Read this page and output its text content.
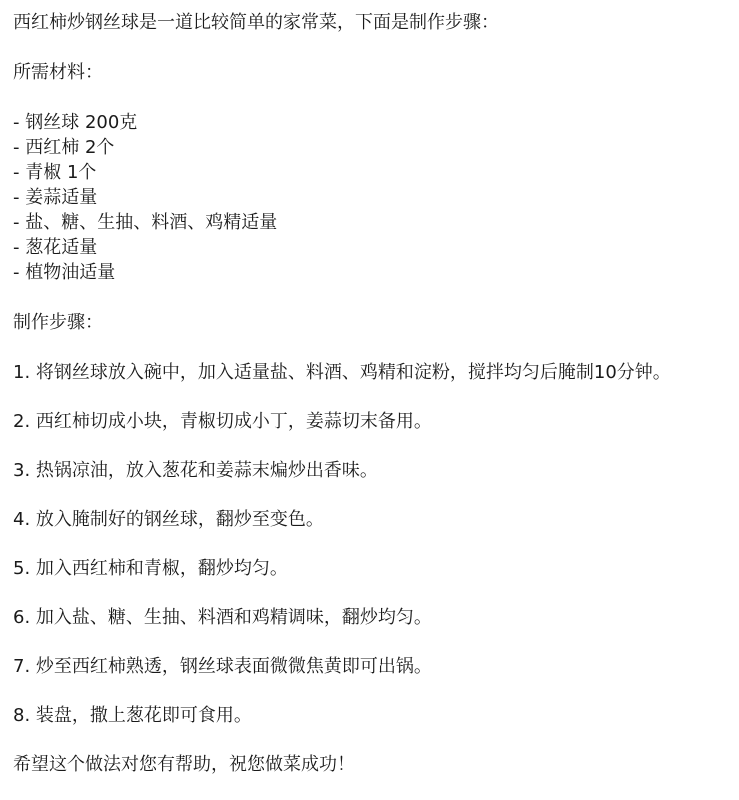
西红柿炒钢丝球是一道比较简单的家常菜，下面是制作步骤：
所需材料：
- 钢丝球 200克
- 西红柿 2个
- 青椒 1个
- 姜蒜适量
- 盐、糖、生抽、料酒、鸡精适量
- 葱花适量
- 植物油适量
制作步骤：
1. 将钢丝球放入碗中，加入适量盐、料酒、鸡精和淀粉，搅拌均匀后腌制10分钟。
2. 西红柿切成小块，青椒切成小丁，姜蒜切末备用。
3. 热锅凉油，放入葱花和姜蒜末煸炒出香味。
4. 放入腌制好的钢丝球，翻炒至变色。
5. 加入西红柿和青椒，翻炒均匀。
6. 加入盐、糖、生抽、料酒和鸡精调味，翻炒均匀。
7. 炒至西红柿熟透，钢丝球表面微微焦黄即可出锅。
8. 装盘，撒上葱花即可食用。
希望这个做法对您有帮助，祝您做菜成功！
